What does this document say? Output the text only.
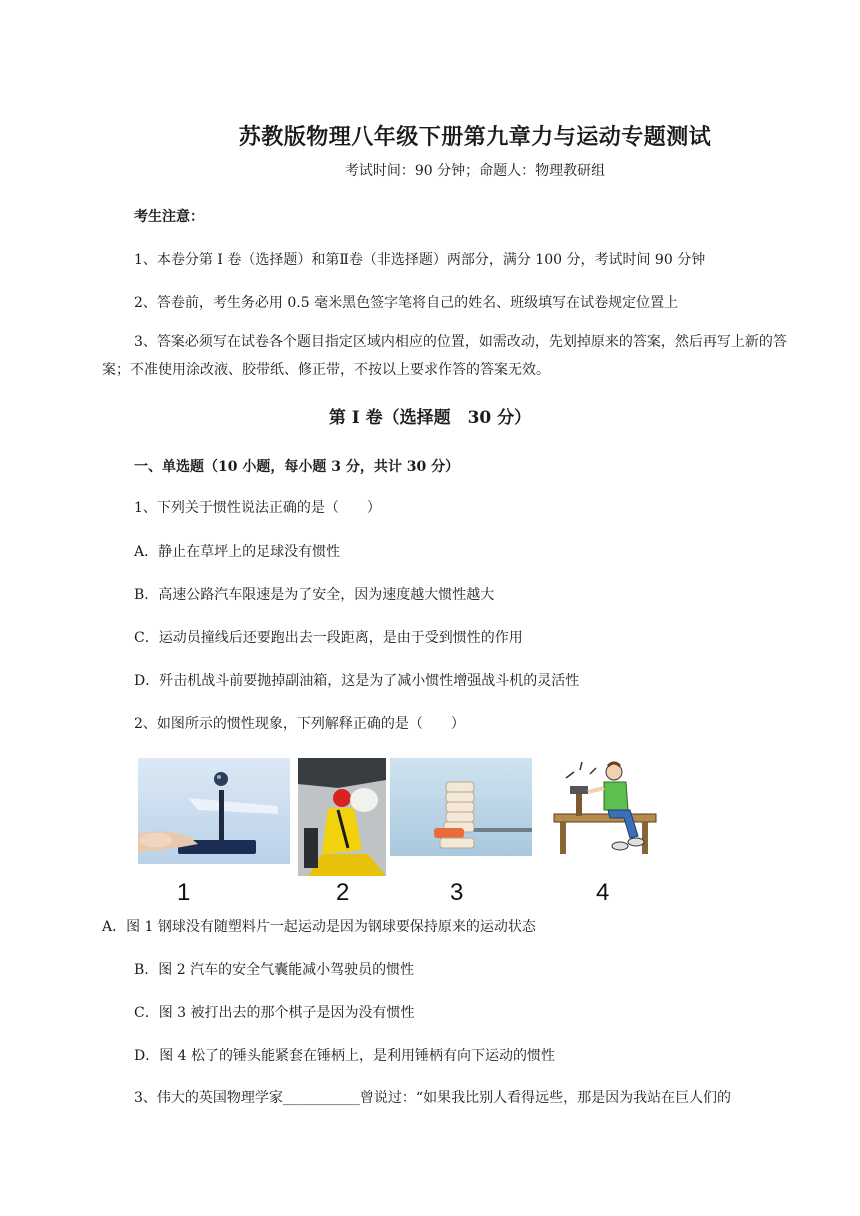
苏教版物理八年级下册第九章力与运动专题测试
考试时间：90 分钟；命题人：物理教研组
考生注意：
1、本卷分第 I 卷（选择题）和第Ⅱ卷（非选择题）两部分，满分 100 分，考试时间 90 分钟
2、答卷前，考生务必用 0.5 毫米黑色签字笔将自己的姓名、班级填写在试卷规定位置上
3、答案必须写在试卷各个题目指定区域内相应的位置，如需改动，先划掉原来的答案，然后再写上新的答案；不准使用涂改液、胶带纸、修正带，不按以上要求作答的答案无效。
第 I 卷（选择题　30 分）
一、单选题（10 小题，每小题 3 分，共计 30 分）
1、下列关于惯性说法正确的是（　　）
A．静止在草坪上的足球没有惯性
B．高速公路汽车限速是为了安全，因为速度越大惯性越大
C．运动员撞线后还要跑出去一段距离，是由于受到惯性的作用
D．歼击机战斗前要抛掉副油箱，这是为了减小惯性增强战斗机的灵活性
2、如图所示的惯性现象，下列解释正确的是（　　）
1	2	3	4
A．图 1 钢球没有随塑料片一起运动是因为钢球要保持原来的运动状态
B．图 2 汽车的安全气囊能减小驾驶员的惯性
C．图 3 被打出去的那个棋子是因为没有惯性
D．图 4 松了的锤头能紧套在锤柄上，是利用锤柄有向下运动的惯性
3、伟大的英国物理学家___________曾说过：“如果我比别人看得远些，那是因为我站在巨人们的
